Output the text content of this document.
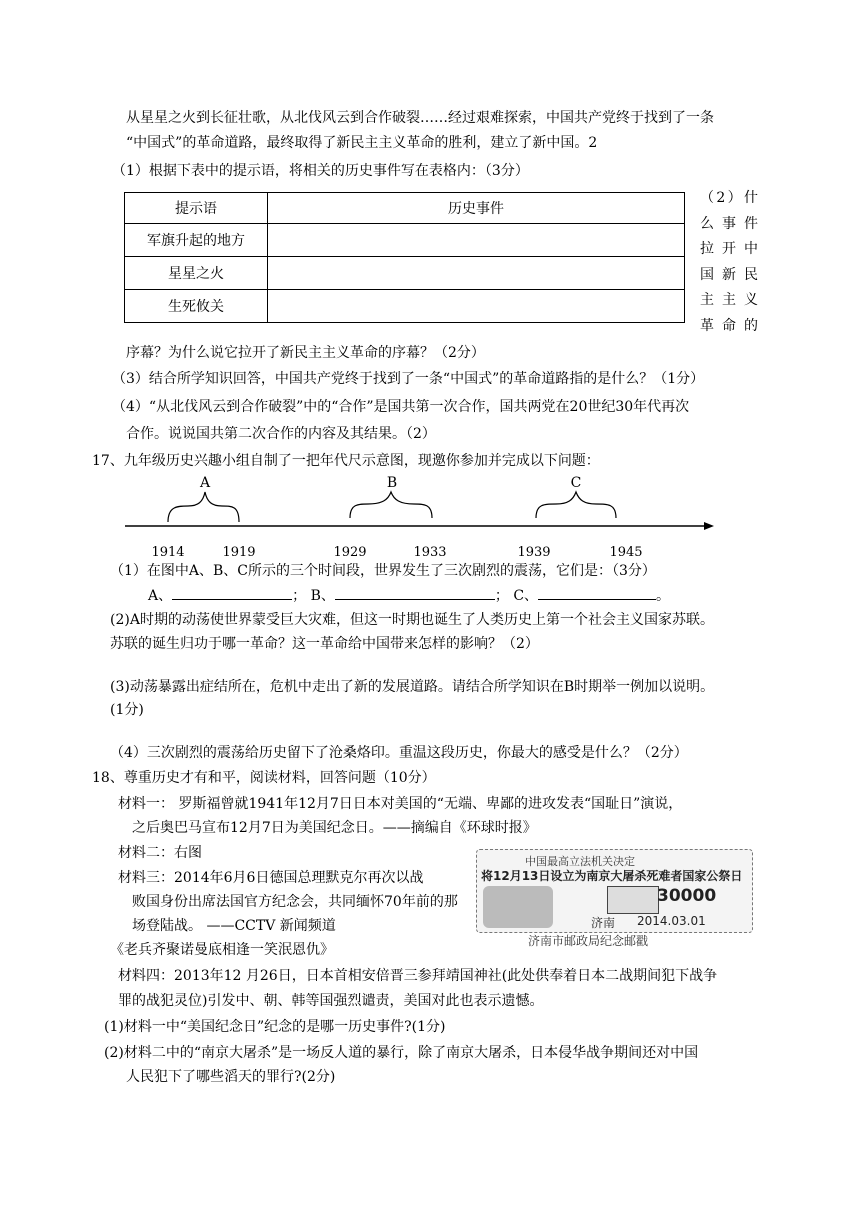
从星星之火到长征壮歌，从北伐风云到合作破裂……经过艰难探索，中国共产党终于找到了一条
“中国式”的革命道路，最终取得了新民主主义革命的胜利，建立了新中国。2
（1）根据下表中的提示语，将相关的历史事件写在表格内：（3分）
提示语	历史事件
军旗升起的地方	
星星之火	
生死攸关	
（2）什
么事件
拉开中
国新民
主主义
革命的
序幕？为什么说它拉开了新民主主义革命的序幕？（2分）
（3）结合所学知识回答，中国共产党终于找到了一条“中国式”的革命道路指的是什么？（1分）
（4）“从北伐风云到合作破裂”中的“合作”是国共第一次合作，国共两党在20世纪30年代再次
合作。说说国共第二次合作的内容及其结果。（2）
17、九年级历史兴趣小组自制了一把年代尺示意图，现邀你参加并完成以下问题：
A	B	C
1914	1919	1929	1933	1939	1945
（1）在图中A、B、C所示的三个时间段，世界发生了三次剧烈的震荡，它们是：（3分）
A、	； B、	； C、	。
(2)A时期的动荡使世界蒙受巨大灾难，但这一时期也诞生了人类历史上第一个社会主义国家苏联。
苏联的诞生归功于哪一革命？这一革命给中国带来怎样的影响？（2）
(3)动荡暴露出症结所在，危机中走出了新的发展道路。请结合所学知识在B时期举一例加以说明。
(1分)
（4）三次剧烈的震荡给历史留下了沧桑烙印。重温这段历史，你最大的感受是什么？（2分）
18、尊重历史才有和平，阅读材料，回答问题（10分）
材料一： 罗斯福曾就1941年12月7日日本对美国的“无端、卑鄙的进攻发表“国耻日”演说，
之后奥巴马宣布12月7日为美国纪念日。——摘编自《环球时报》
材料二：右图
材料三：2014年6月6日德国总理默克尔再次以战
败国身份出席法国官方纪念会，共同缅怀70年前的那
场登陆战。 ——CCTV 新闻频道
《老兵齐聚诺曼底相逢一笑泯恩仇》
中国最高立法机关决定
将12月13日设立为南京大屠杀死难者国家公祭日
30000
济南 2014.03.01
济南市邮政局纪念邮戳
材料四：2013年12 月26日，日本首相安倍晋三参拜靖国神社(此处供奉着日本二战期间犯下战争
罪的战犯灵位)引发中、朝、韩等国强烈谴责，美国对此也表示遗憾。
(1)材料一中“美国纪念日”纪念的是哪一历史事件?(1分)
(2)材料二中的“南京大屠杀”是一场反人道的暴行，除了南京大屠杀，日本侵华战争期间还对中国
人民犯下了哪些滔天的罪行?(2分)
